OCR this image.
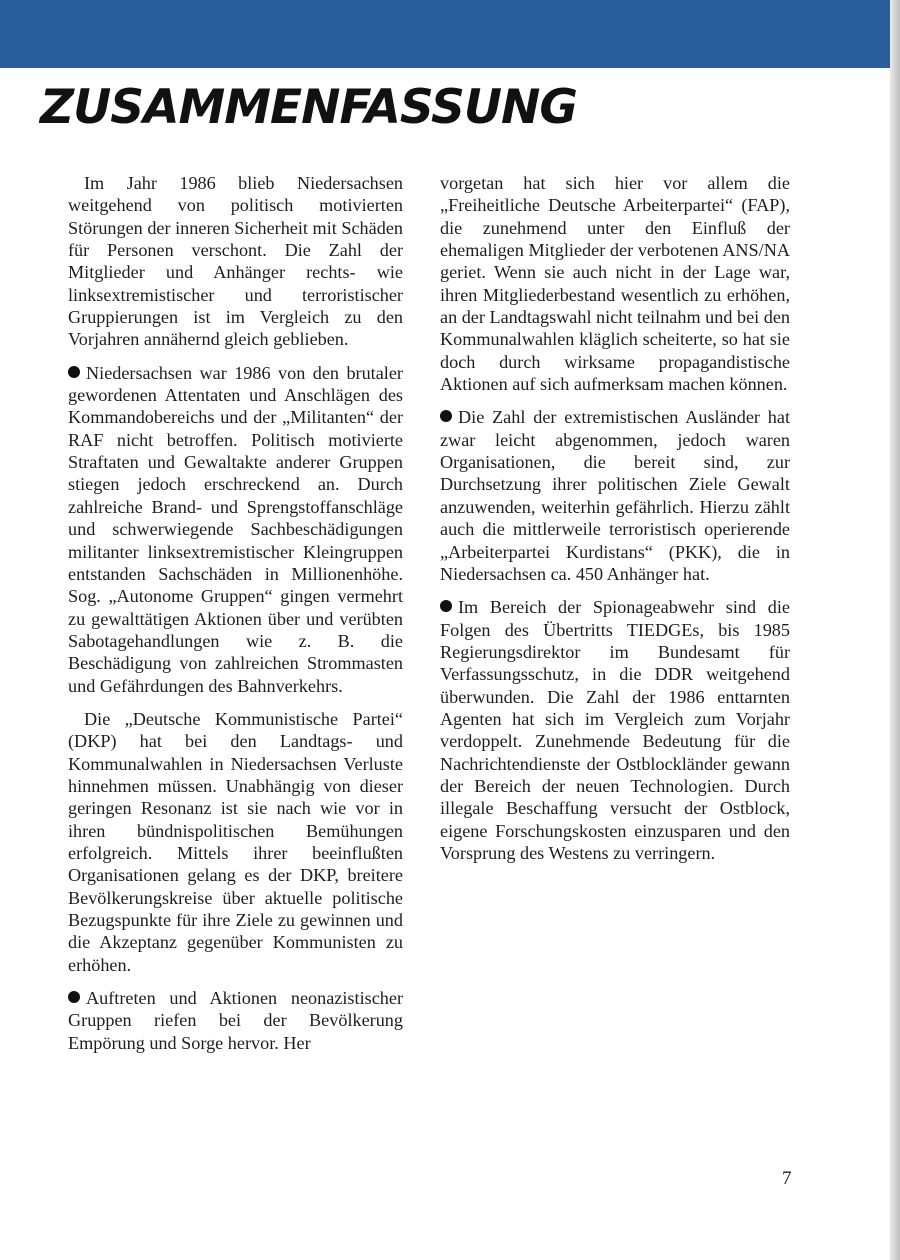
ZUSAMMENFASSUNG

Im Jahr 1986 blieb Niedersachsen weitgehend von politisch motivierten Störungen der inneren Sicherheit mit Schäden für Personen verschont. Die Zahl der Mitglieder und Anhänger rechts- wie linksextremistischer und terroristischer Gruppierungen ist im Vergleich zu den Vorjahren annähernd gleich geblieben.

Niedersachsen war 1986 von den brutaler gewordenen Attentaten und Anschlägen des Kommandobereichs und der „Militanten“ der RAF nicht betroffen. Politisch motivierte Straftaten und Gewaltakte anderer Gruppen stiegen jedoch erschreckend an. Durch zahlreiche Brand- und Sprengstoffanschläge und schwerwiegende Sachbeschädigungen militanter linksextremistischer Kleingruppen entstanden Sachschäden in Millionenhöhe. Sog. „Autonome Gruppen“ gingen vermehrt zu gewalttätigen Aktionen über und verübten Sabotagehandlungen wie z. B. die Beschädigung von zahlreichen Strommasten und Gefährdungen des Bahnverkehrs.

Die „Deutsche Kommunistische Partei“ (DKP) hat bei den Landtags- und Kommunalwahlen in Niedersachsen Verluste hinnehmen müssen. Unabhängig von dieser geringen Resonanz ist sie nach wie vor in ihren bündnispolitischen Bemühungen erfolgreich. Mittels ihrer beeinflußten Organisationen gelang es der DKP, breitere Bevölkerungskreise über aktuelle politische Bezugspunkte für ihre Ziele zu gewinnen und die Akzeptanz gegenüber Kommunisten zu erhöhen.

Auftreten und Aktionen neonazistischer Gruppen riefen bei der Bevölkerung Empörung und Sorge hervor. Her

vorgetan hat sich hier vor allem die „Freiheitliche Deutsche Arbeiterpartei“ (FAP), die zunehmend unter den Einfluß der ehemaligen Mitglieder der verbotenen ANS/NA geriet. Wenn sie auch nicht in der Lage war, ihren Mitgliederbestand wesentlich zu erhöhen, an der Landtagswahl nicht teilnahm und bei den Kommunalwahlen kläglich scheiterte, so hat sie doch durch wirksame propagandistische Aktionen auf sich aufmerksam machen können.

Die Zahl der extremistischen Ausländer hat zwar leicht abgenommen, jedoch waren Organisationen, die bereit sind, zur Durchsetzung ihrer politischen Ziele Gewalt anzuwenden, weiterhin gefährlich. Hierzu zählt auch die mittlerweile terroristisch operierende „Arbeiterpartei Kurdistans“ (PKK), die in Niedersachsen ca. 450 Anhänger hat.

Im Bereich der Spionageabwehr sind die Folgen des Übertritts TIEDGEs, bis 1985 Regierungsdirektor im Bundesamt für Verfassungsschutz, in die DDR weitgehend überwunden. Die Zahl der 1986 enttarnten Agenten hat sich im Vergleich zum Vorjahr verdoppelt. Zunehmende Bedeutung für die Nachrichtendienste der Ostblockländer gewann der Bereich der neuen Technologien. Durch illegale Beschaffung versucht der Ostblock, eigene Forschungskosten einzusparen und den Vorsprung des Westens zu verringern.

7
